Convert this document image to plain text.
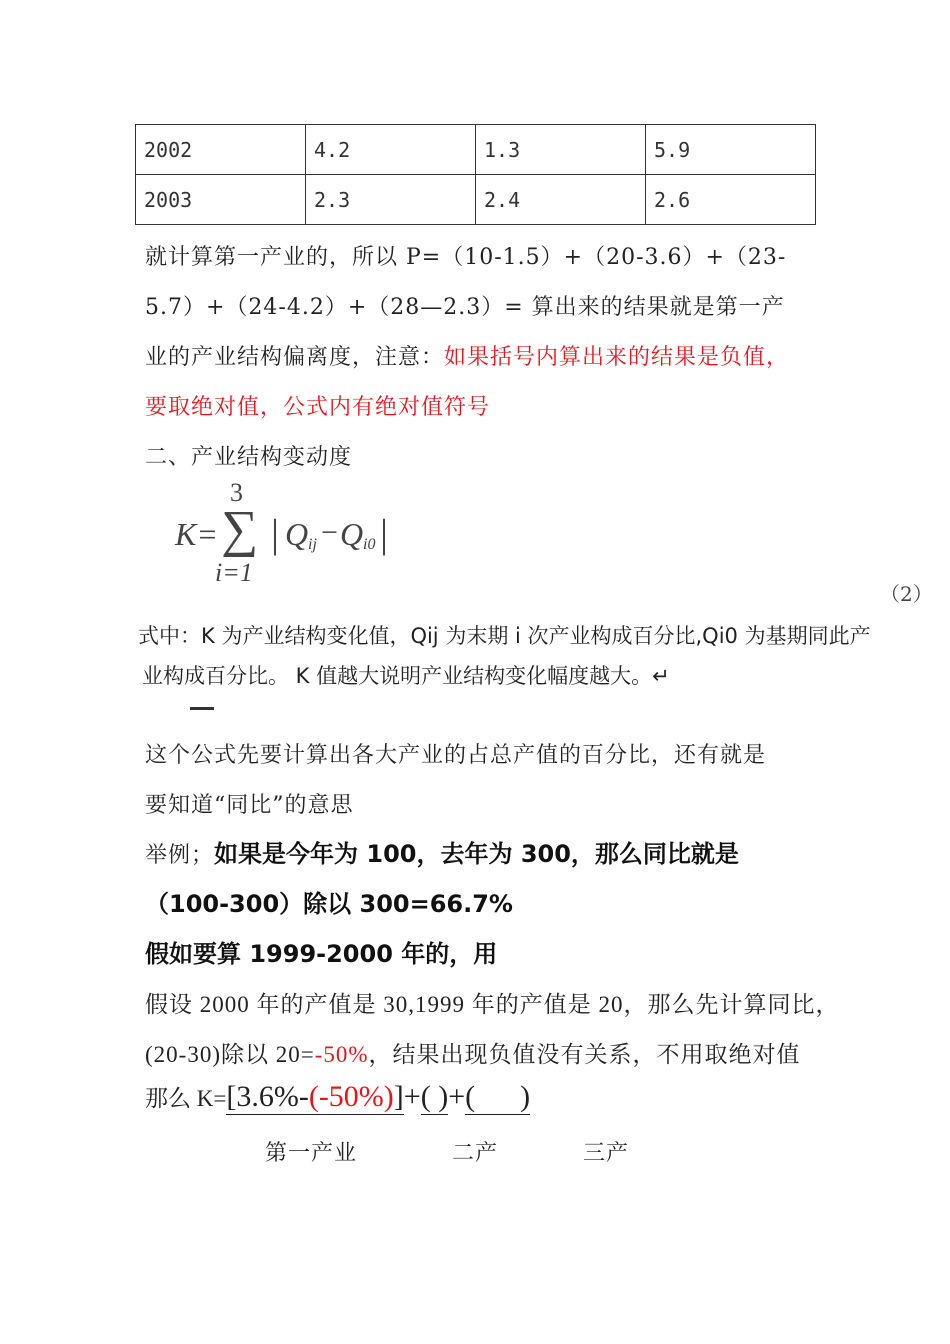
2002	4.2	1.3	5.9
2003	2.3	2.4	2.6
就计算第一产业的，所以 P=（10-1.5）+（20-3.6）+（23-
5.7）+（24-4.2）+（28—2.3）= 算出来的结果就是第一产
业的产业结构偏离度，注意：如果括号内算出来的结果是负值，
要取绝对值，公式内有绝对值符号
二、产业结构变动度
3
K= ∑
i=1
| Q ij − Q i0 |
（2）
式中：K 为产业结构变化值，Qij 为末期 i 次产业构成百分比,Qi0 为基期同此产
业构成百分比。 K 值越大说明产业结构变化幅度越大。↵
这个公式先要计算出各大产业的占总产值的百分比，还有就是
要知道“同比”的意思
举例；如果是今年为 100，去年为 300，那么同比就是
（100-300）除以 300=66.7%
假如要算 1999-2000 年的，用
假设 2000 年的产值是 30,1999 年的产值是 20，那么先计算同比，
(20-30)除以 20=-50%，结果出现负值没有关系，不用取绝对值
那么 K=[3.6%-(-50%)]+( )+(      )
第一产业	二产	三产
